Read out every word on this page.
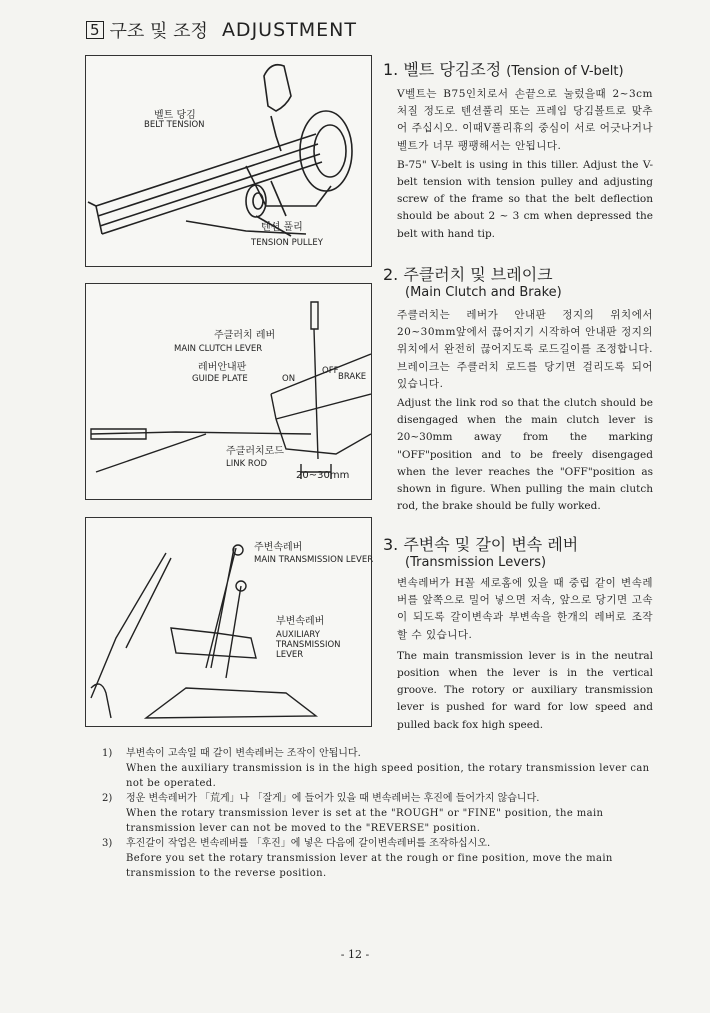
5 구조 및 조정 ADJUSTMENT
벨트 당김
BELT TENSION
텐션 풀리
TENSION PULLEY
주클러치 레버
MAIN CLUTCH LEVER
레버안내판
GUIDE PLATE	ON
OFF
BRAKE
주클러치로드
LINK ROD
20~30mm
주변속레버
MAIN TRANSMISSION LEVER
부변속레버
AUXILIARY TRANSMISSION LEVER
1. 벨트 당김조정 (Tension of V-belt)

V벨트는 B75인치로서 손끝으로 눌렀을때 2~3cm처질 정도로 텐션풀리 또는 프레임 당김볼트로 맞추어 주십시오. 이때V풀리휴의 중심이 서로 어긋나거나 벨트가 너무 팽팽해서는 안됩니다.

B-75" V-belt is using in this tiller. Adjust the V-belt tension with tension pulley and adjusting screw of the frame so that the belt deflection should be about 2 ~ 3 cm when depressed the belt with hand tip.

2. 주클러치 및 브레이크
(Main Clutch and Brake)

주클러치는 레버가 안내판 정지의 위치에서 20~30mm앞에서 끊어지기 시작하여 안내판 정지의 위치에서 완전히 끊어지도록 로드길이를 조정합니다. 브레이크는 주클러치 로드를 당기면 걸리도록 되어 있습니다.

Adjust the link rod so that the clutch should be disengaged when the main clutch lever is 20~30mm away from the marking "OFF"position and to be freely disengaged when the lever reaches the "OFF"position as shown in figure. When pulling the main clutch rod, the brake should be fully worked.

3. 주변속 및 갈이 변속 레버
(Transmission Levers)

변속레버가 H꼴 세로홈에 있을 때 중립 같이 변속레버를 앞쪽으로 밀어 넣으면 저속, 앞으로 당기면 고속이 되도록 갈이변속과 부변속을 한개의 레버로 조작할 수 있습니다.

The main transmission lever is in the neutral position when the lever is in the vertical groove. The rotory or auxiliary transmission lever is pushed for ward for low speed and pulled back fox high speed.

1)	부변속이 고속일 때 갈이 변속레버는 조작이 안됩니다.
When the auxiliary transmission is in the high speed position, the rotary transmission lever can not be operated.
2)	정운 변속레버가 「荒게」나 「잘게」에 들어가 있을 때 변속레버는 후진에 들어가지 않습니다.
When the rotary transmission lever is set at the "ROUGH" or "FINE" position, the main transmission lever can not be moved to the "REVERSE" position.
3)	후진갈이 작업은 변속레버를 「후진」에 넣은 다음에 갈이변속레버를 조작하십시오.
Before you set the rotary transmission lever at the rough or fine position, move the main transmission to the reverse position.
- 12 -
